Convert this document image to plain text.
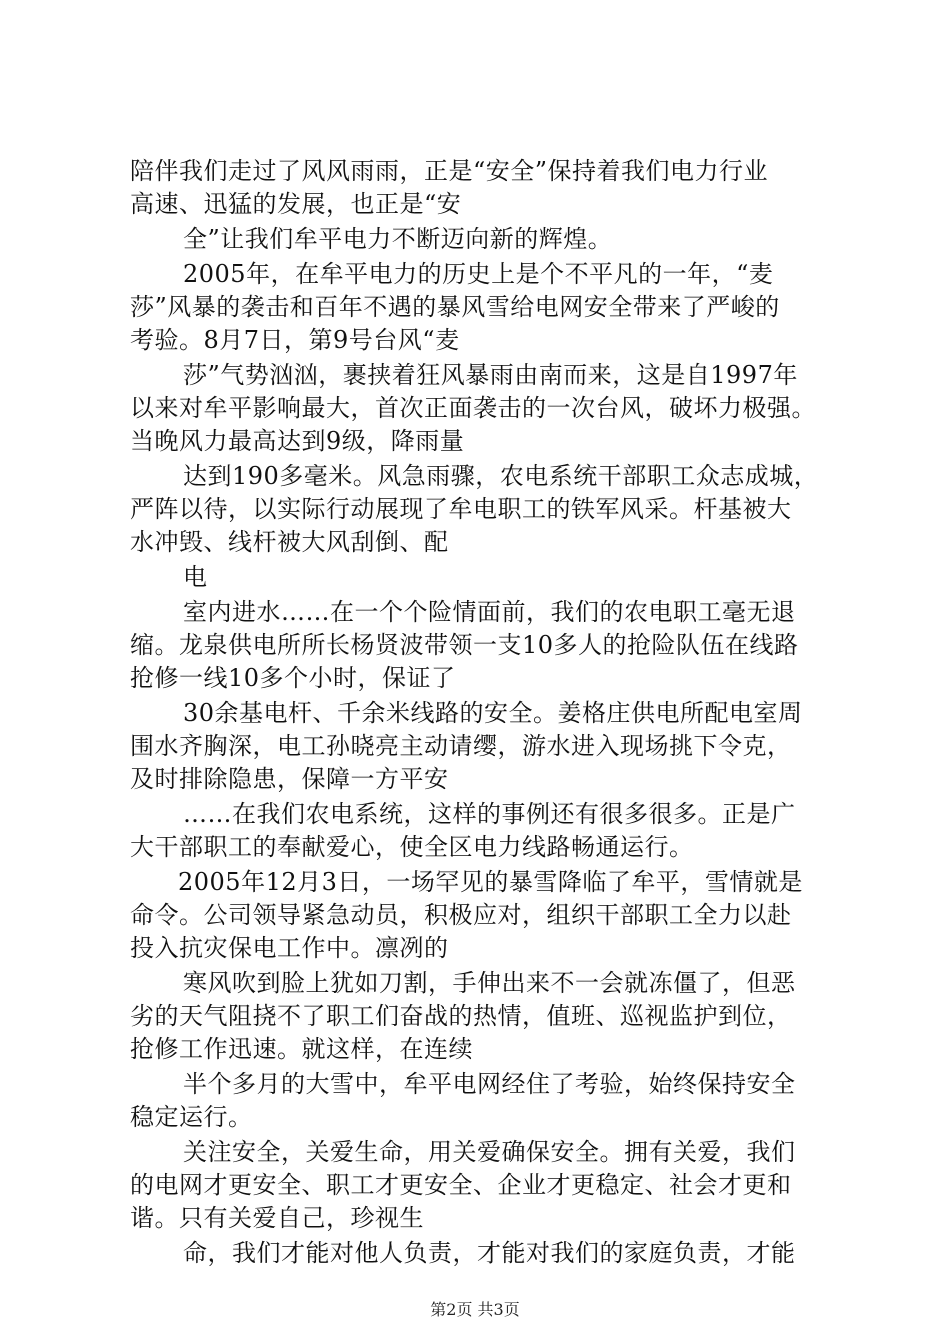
陪伴我们走过了风风雨雨，正是“安全”保持着我们电力行业
高速、迅猛的发展，也正是“安
全”让我们牟平电力不断迈向新的辉煌。
2005年，在牟平电力的历史上是个不平凡的一年，“麦
莎”风暴的袭击和百年不遇的暴风雪给电网安全带来了严峻的
考验。8月7日，第9号台风“麦
莎”气势汹汹，裹挟着狂风暴雨由南而来，这是自1997年
以来对牟平影响最大，首次正面袭击的一次台风，破坏力极强。
当晚风力最高达到9级，降雨量
达到190多毫米。风急雨骤，农电系统干部职工众志成城，
严阵以待，以实际行动展现了牟电职工的铁军风采。杆基被大
水冲毁、线杆被大风刮倒、配
电
室内进水……在一个个险情面前，我们的农电职工毫无退
缩。龙泉供电所所长杨贤波带领一支10多人的抢险队伍在线路
抢修一线10多个小时，保证了
30余基电杆、千余米线路的安全。姜格庄供电所配电室周
围水齐胸深，电工孙晓亮主动请缨，游水进入现场挑下令克，
及时排除隐患，保障一方平安
……在我们农电系统，这样的事例还有很多很多。正是广
大干部职工的奉献爱心，使全区电力线路畅通运行。
2005年12月3日，一场罕见的暴雪降临了牟平，雪情就是
命令。公司领导紧急动员，积极应对，组织干部职工全力以赴
投入抗灾保电工作中。凛冽的
寒风吹到脸上犹如刀割，手伸出来不一会就冻僵了，但恶
劣的天气阻挠不了职工们奋战的热情，值班、巡视监护到位，
抢修工作迅速。就这样，在连续
半个多月的大雪中，牟平电网经住了考验，始终保持安全
稳定运行。
关注安全，关爱生命，用关爱确保安全。拥有关爱，我们
的电网才更安全、职工才更安全、企业才更稳定、社会才更和
谐。只有关爱自己，珍视生
命，我们才能对他人负责，才能对我们的家庭负责，才能
第2页 共3页
